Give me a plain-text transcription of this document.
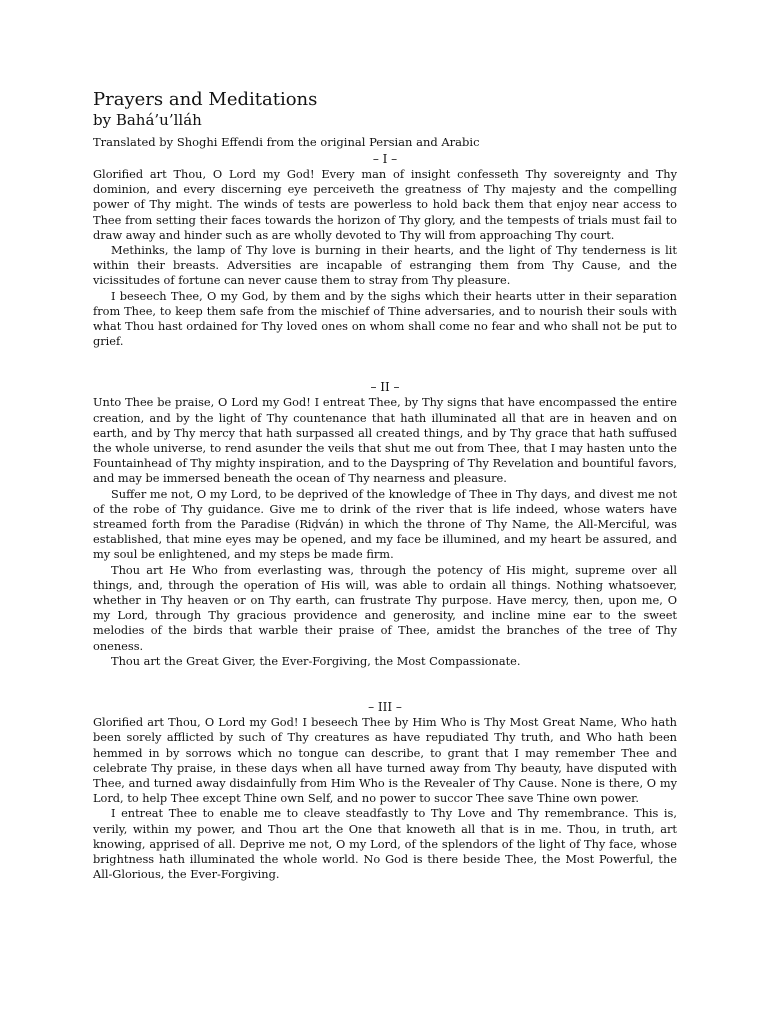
Prayers and Meditations
by Bahá’u’lláh
Translated by Shoghi Effendi from the original Persian and Arabic
– I –

Glorified art Thou, O Lord my God! Every man of insight confesseth Thy sovereignty and Thy dominion, and every discerning eye perceiveth the greatness of Thy majesty and the compelling power of Thy might. The winds of tests are powerless to hold back them that enjoy near access to Thee from setting their faces towards the horizon of Thy glory, and the tempests of trials must fail to draw away and hinder such as are wholly devoted to Thy will from approaching Thy court.

Methinks, the lamp of Thy love is burning in their hearts, and the light of Thy tenderness is lit within their breasts. Adversities are incapable of estranging them from Thy Cause, and the vicissitudes of fortune can never cause them to stray from Thy pleasure.

I beseech Thee, O my God, by them and by the sighs which their hearts utter in their separation from Thee, to keep them safe from the mischief of Thine adversaries, and to nourish their souls with what Thou hast ordained for Thy loved ones on whom shall come no fear and who shall not be put to grief.

– II –

Unto Thee be praise, O Lord my God! I entreat Thee, by Thy signs that have encompassed the entire creation, and by the light of Thy countenance that hath illuminated all that are in heaven and on earth, and by Thy mercy that hath surpassed all created things, and by Thy grace that hath suffused the whole universe, to rend asunder the veils that shut me out from Thee, that I may hasten unto the Fountainhead of Thy mighty inspiration, and to the Dayspring of Thy Revelation and bountiful favors, and may be immersed beneath the ocean of Thy nearness and pleasure.

Suffer me not, O my Lord, to be deprived of the knowledge of Thee in Thy days, and divest me not of the robe of Thy guidance. Give me to drink of the river that is life indeed, whose waters have streamed forth from the Paradise (Riḍván) in which the throne of Thy Name, the All-Merciful, was established, that mine eyes may be opened, and my face be illumined, and my heart be assured, and my soul be enlightened, and my steps be made firm.

Thou art He Who from everlasting was, through the potency of His might, supreme over all things, and, through the operation of His will, was able to ordain all things. Nothing whatsoever, whether in Thy heaven or on Thy earth, can frustrate Thy purpose. Have mercy, then, upon me, O my Lord, through Thy gracious providence and generosity, and incline mine ear to the sweet melodies of the birds that warble their praise of Thee, amidst the branches of the tree of Thy oneness.

Thou art the Great Giver, the Ever-Forgiving, the Most Compassionate.

– III –

Glorified art Thou, O Lord my God! I beseech Thee by Him Who is Thy Most Great Name, Who hath been sorely afflicted by such of Thy creatures as have repudiated Thy truth, and Who hath been hemmed in by sorrows which no tongue can describe, to grant that I may remember Thee and celebrate Thy praise, in these days when all have turned away from Thy beauty, have disputed with Thee, and turned away disdainfully from Him Who is the Revealer of Thy Cause. None is there, O my Lord, to help Thee except Thine own Self, and no power to succor Thee save Thine own power.

I entreat Thee to enable me to cleave steadfastly to Thy Love and Thy remembrance. This is, verily, within my power, and Thou art the One that knoweth all that is in me. Thou, in truth, art knowing, apprised of all. Deprive me not, O my Lord, of the splendors of the light of Thy face, whose brightness hath illuminated the whole world. No God is there beside Thee, the Most Powerful, the All-Glorious, the Ever-Forgiving.
